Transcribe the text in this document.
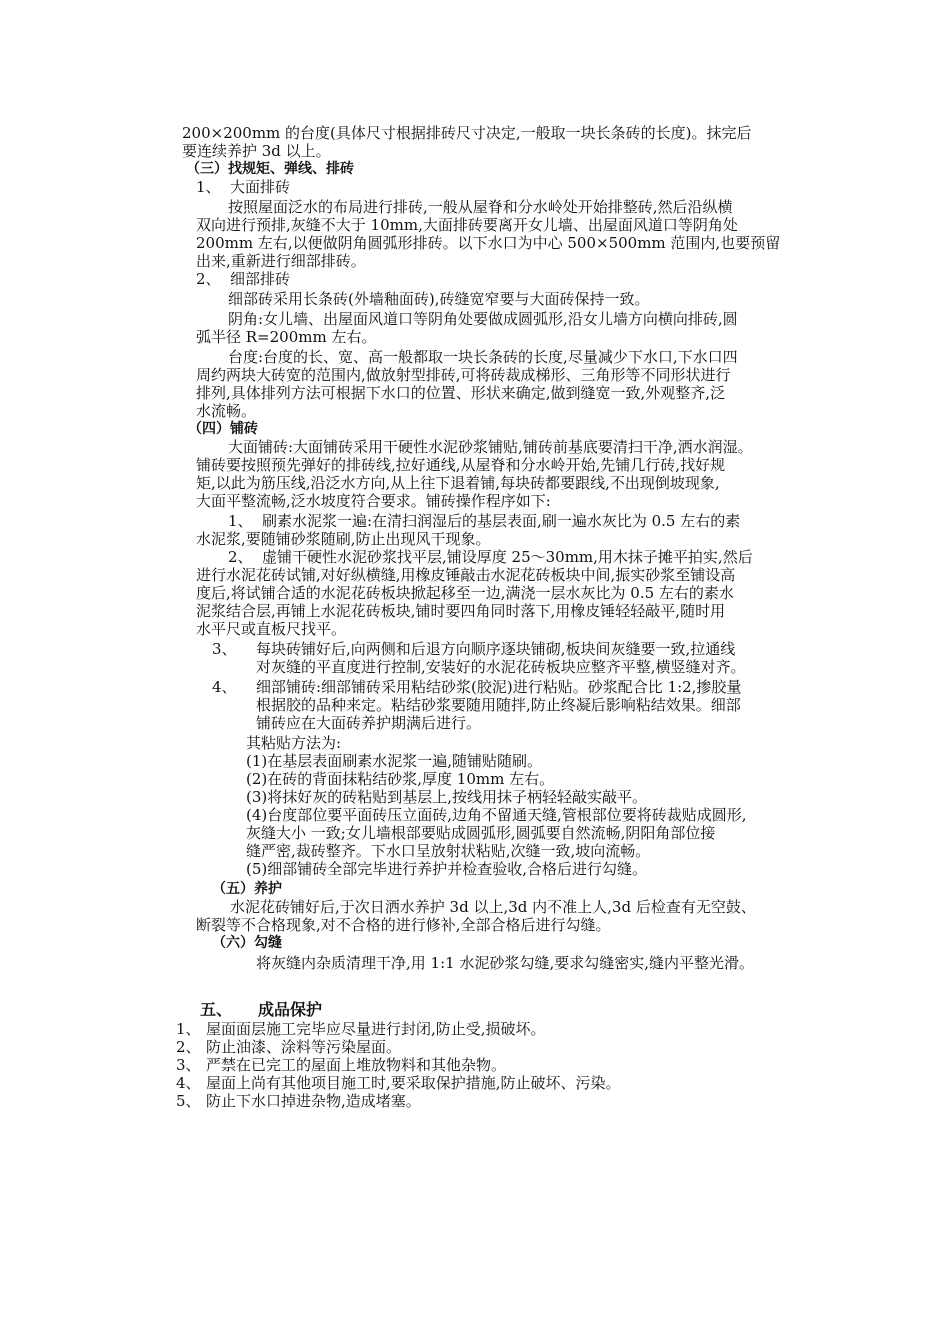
200×200mm 的台度(具体尺寸根据排砖尺寸决定,一般取一块长条砖的长度)。抹完后
要连续养护 3d 以上。
（三）找规矩、弹线、排砖
1、 大面排砖
按照屋面泛水的布局进行排砖,一般从屋脊和分水岭处开始排整砖,然后沿纵横
双向进行预排,灰缝不大于 10mm,大面排砖要离开女儿墙、出屋面风道口等阴角处
200mm 左右,以便做阴角圆弧形排砖。以下水口为中心 500×500mm 范围内,也要预留
出来,重新进行细部排砖。
2、 细部排砖
细部砖采用长条砖(外墙釉面砖),砖缝宽窄要与大面砖保持一致。
阴角:女儿墙、出屋面风道口等阴角处要做成圆弧形,沿女儿墙方向横向排砖,圆
弧半径 R=200mm 左右。
台度:台度的长、宽、高一般都取一块长条砖的长度,尽量减少下水口,下水口四
周约两块大砖宽的范围内,做放射型排砖,可将砖裁成梯形、三角形等不同形状进行
排列,具体排列方法可根据下水口的位置、形状来确定,做到缝宽一致,外观整齐,泛
水流畅。
（四）铺砖
大面铺砖:大面铺砖采用干硬性水泥砂浆铺贴,铺砖前基底要清扫干净,洒水润湿。
铺砖要按照预先弹好的排砖线,拉好通线,从屋脊和分水岭开始,先铺几行砖,找好规
矩,以此为筋压线,沿泛水方向,从上往下退着铺,每块砖都要跟线,不出现倒坡现象,
大面平整流畅,泛水坡度符合要求。铺砖操作程序如下:
1、 刷素水泥浆一遍:在清扫润湿后的基层表面,刷一遍水灰比为 0.5 左右的素
水泥浆,要随铺砂浆随刷,防止出现风干现象。
2、 虚铺干硬性水泥砂浆找平层,铺设厚度 25～30mm,用木抹子摊平拍实,然后
进行水泥花砖试铺,对好纵横缝,用橡皮锤敲击水泥花砖板块中间,振实砂浆至铺设高
度后,将试铺合适的水泥花砖板块掀起移至一边,满浇一层水灰比为 0.5 左右的素水
泥浆结合层,再铺上水泥花砖板块,铺时要四角同时落下,用橡皮锤轻轻敲平,随时用
水平尺或直板尺找平。
3、 每块砖铺好后,向两侧和后退方向顺序逐块铺砌,板块间灰缝要一致,拉通线
对灰缝的平直度进行控制,安装好的水泥花砖板块应整齐平整,横竖缝对齐。
4、 细部铺砖:细部铺砖采用粘结砂浆(胶泥)进行粘贴。砂浆配合比 1:2,掺胶量
根据胶的品种来定。粘结砂浆要随用随拌,防止终凝后影响粘结效果。细部
铺砖应在大面砖养护期满后进行。
其粘贴方法为:
(1)在基层表面刷素水泥浆一遍,随铺贴随刷。
(2)在砖的背面抹粘结砂浆,厚度 10mm 左右。
(3)将抹好灰的砖粘贴到基层上,按线用抹子柄轻轻敲实敲平。
(4)台度部位要平面砖压立面砖,边角不留通天缝,管根部位要将砖裁贴成圆形,
灰缝大小 一致;女儿墙根部要贴成圆弧形,圆弧要自然流畅,阴阳角部位接
缝严密,裁砖整齐。下水口呈放射状粘贴,次缝一致,坡向流畅。
(5)细部铺砖全部完毕进行养护并检查验收,合格后进行勾缝。
（五）养护
水泥花砖铺好后,于次日洒水养护 3d 以上,3d 内不准上人,3d 后检查有无空鼓、
断裂等不合格现象,对不合格的进行修补,全部合格后进行勾缝。
（六）勾缝
将灰缝内杂质清理干净,用 1:1 水泥砂浆勾缝,要求勾缝密实,缝内平整光滑。
五、 成品保护
1、 屋面面层施工完毕应尽量进行封闭,防止受,损破坏。
2、 防止油漆、涂料等污染屋面。
3、 严禁在已完工的屋面上堆放物料和其他杂物。
4、 屋面上尚有其他项目施工时,要采取保护措施,防止破坏、污染。
5、 防止下水口掉进杂物,造成堵塞。
